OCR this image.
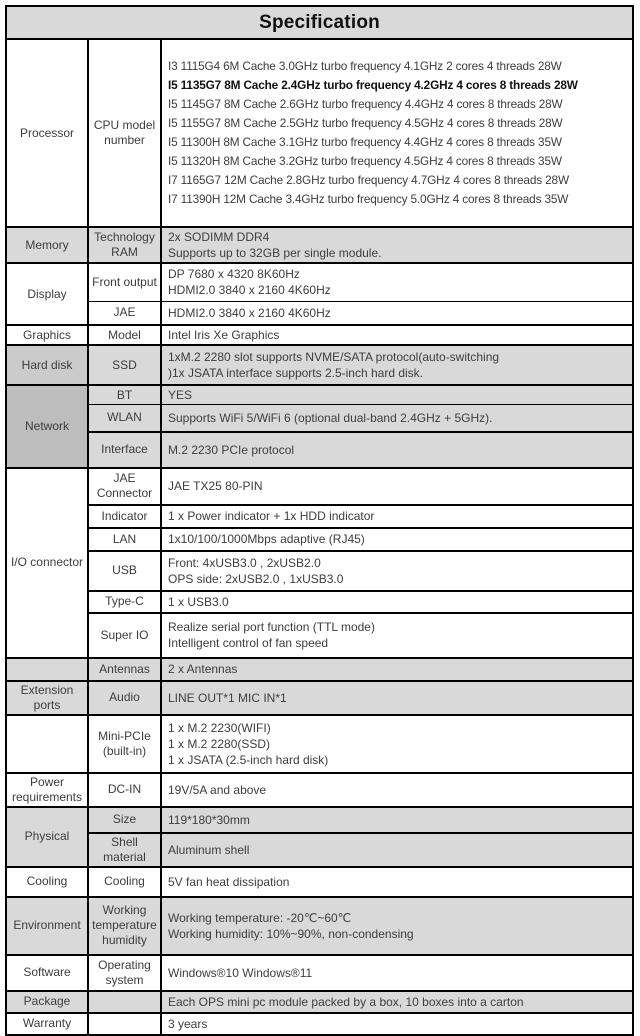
Specification		
Processor	CPU model number	
I3 1115G4 6M Cache 3.0GHz turbo frequency 4.1GHz 2 cores 4 threads 28W
I5 1135G7 8M Cache 2.4GHz turbo frequency 4.2GHz 4 cores 8 threads 28W
I5 1145G7 8M Cache 2.6GHz turbo frequency 4.4GHz 4 cores 8 threads 28W
I5 1155G7 8M Cache 2.5GHz turbo frequency 4.5GHz 4 cores 8 threads 28W
I5 11300H 8M Cache 3.1GHz turbo frequency 4.4GHz 4 cores 8 threads 35W
I5 11320H 8M Cache 3.2GHz turbo frequency 4.5GHz 4 cores 8 threads 35W
I7 1165G7 12M Cache 2.8GHz turbo frequency 4.7GHz 4 cores 8 threads 28W
I7 11390H 12M Cache 3.4GHz turbo frequency 5.0GHz 4 cores 8 threads 35W

Memory	Technology RAM	2x SODIMM DDR4
Supports up to 32GB per single module.

Display	Front output	DP 7680 x 4320 8K60Hz
HDMI2.0 3840 x 2160 4K60Hz

	JAE	HDMI2.0 3840 x 2160 4K60Hz

Graphics	Model	Intel Iris Xe Graphics

Hard disk	SSD	1xM.2 2280 slot supports NVME/SATA protocol(auto-switching
)1x JSATA interface supports 2.5-inch hard disk.

Network	BT	YES

	WLAN	Supports WiFi 5/WiFi 6 (optional dual-band 2.4GHz + 5GHz).

	Interface	M.2 2230 PCIe protocol

I/O connector	JAE Connector	JAE TX25 80-PIN

	Indicator	1 x Power indicator + 1x HDD indicator

	LAN	1x10/100/1000Mbps adaptive (RJ45)

	USB	Front: 4xUSB3.0 , 2xUSB2.0
OPS side: 2xUSB2.0 , 1xUSB3.0

	Type-C	1 x USB3.0

	Super IO	Realize serial port function (TTL mode)
Intelligent control of fan speed

	Antennas	2 x Antennas

Extension ports	Audio	LINE OUT*1 MIC IN*1

	Mini-PCIe (built-in)	1 x M.2 2230(WIFI)
1 x M.2 2280(SSD)
1 x JSATA (2.5-inch hard disk)

Power requirements	DC-IN	19V/5A and above

Physical	Size	119*180*30mm

	Shell material	Aluminum shell

Cooling	Cooling	5V fan heat dissipation

Environment	Working temperature humidity	Working temperature: -20℃~60℃
Working humidity: 10%~90%, non-condensing

Software	Operating system	Windows®10 Windows®11

Package		Each OPS mini pc module packed by a box, 10 boxes into a carton

Warranty		3 years
